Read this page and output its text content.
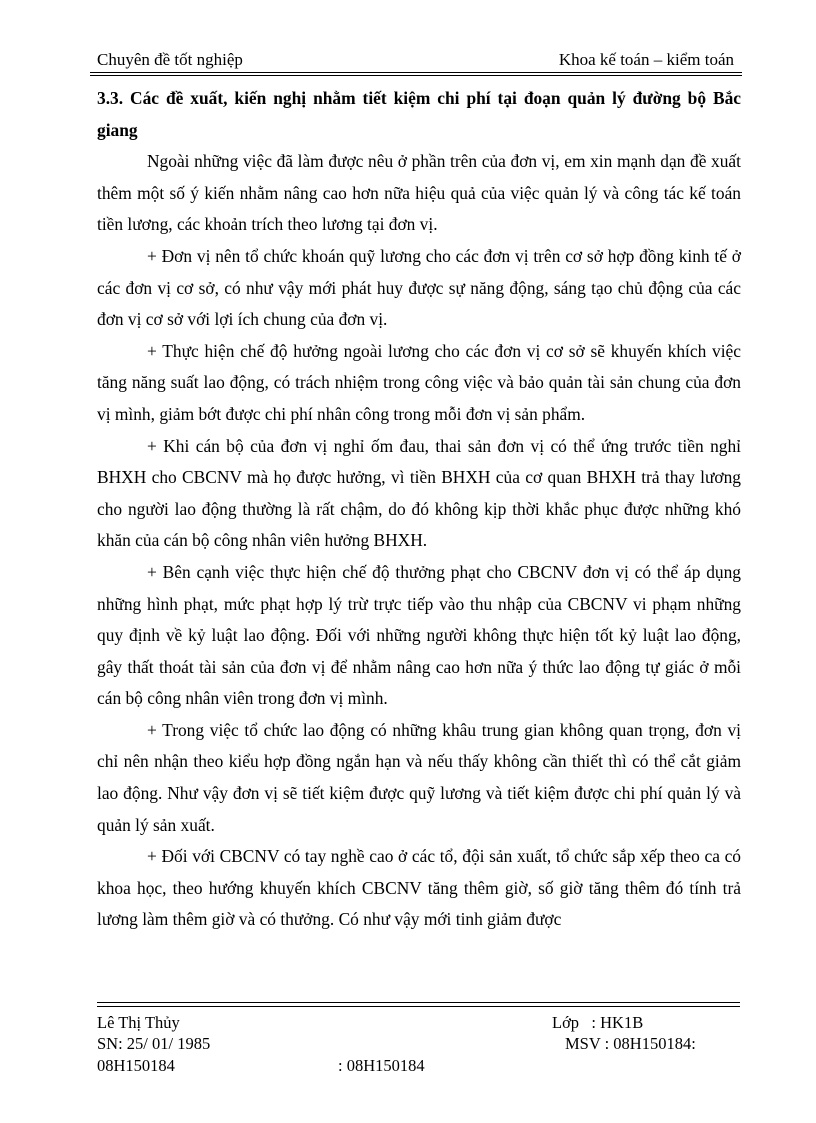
Chuyên đề tốt nghiệp	Khoa kế toán – kiểm toán
3.3. Các đề xuất, kiến nghị nhằm tiết kiệm chi phí tại đoạn quản lý đường bộ Bắc giang

Ngoài những việc đã làm được nêu ở phần trên của đơn vị, em xin mạnh dạn đề xuất thêm một số ý kiến nhằm nâng cao hơn nữa hiệu quả của việc quản lý và công tác kế toán tiền lương, các khoản trích theo lương tại đơn vị.

+ Đơn vị nên tổ chức khoán quỹ lương cho các đơn vị trên cơ sở hợp đồng kinh tế ở các đơn vị cơ sở, có như vậy mới phát huy được sự năng động, sáng tạo chủ động của các đơn vị cơ sở với lợi ích chung của đơn vị.

+ Thực hiện chế độ hưởng ngoài lương cho các đơn vị cơ sở sẽ khuyến khích việc tăng năng suất lao động, có trách nhiệm trong công việc và bảo quản tài sản chung của đơn vị mình, giảm bớt được chi phí nhân công trong mỗi đơn vị sản phẩm.

+ Khi cán bộ của đơn vị nghỉ ốm đau, thai sản đơn vị có thể ứng trước tiền nghỉ BHXH cho CBCNV mà họ được hưởng, vì tiền BHXH của cơ quan BHXH trả thay lương cho người lao động thường là rất chậm, do đó không kịp thời khắc phục được những khó khăn của cán bộ công nhân viên hưởng BHXH.

+ Bên cạnh việc thực hiện chế độ thưởng phạt cho CBCNV đơn vị có thể áp dụng những hình phạt, mức phạt hợp lý trừ trực tiếp vào thu nhập của CBCNV vi phạm những quy định về kỷ luật lao động. Đối với những người không thực hiện tốt kỷ luật lao động, gây thất thoát tài sản của đơn vị để nhằm nâng cao hơn nữa ý thức lao động tự giác ở mỗi cán bộ công nhân viên trong đơn vị mình.

+ Trong việc tổ chức lao động có những khâu trung gian không quan trọng, đơn vị chỉ nên nhận theo kiểu hợp đồng ngắn hạn và nếu thấy không cần thiết thì có thể cắt giảm lao động. Như vậy đơn vị sẽ tiết kiệm được quỹ lương và tiết kiệm được chi phí quản lý và quản lý sản xuất.

+ Đối với CBCNV có tay nghề cao ở các tổ, đội sản xuất, tổ chức sắp xếp theo ca có khoa học, theo hướng khuyến khích CBCNV tăng thêm giờ, số giờ tăng thêm đó tính trả lương làm thêm giờ và có thưởng. Có như vậy mới tinh giảm được

Lê Thị Thủy	Lớp   : HK1B
SN: 25/ 01/ 1985	MSV : 08H150184:
08H150184	: 08H150184
